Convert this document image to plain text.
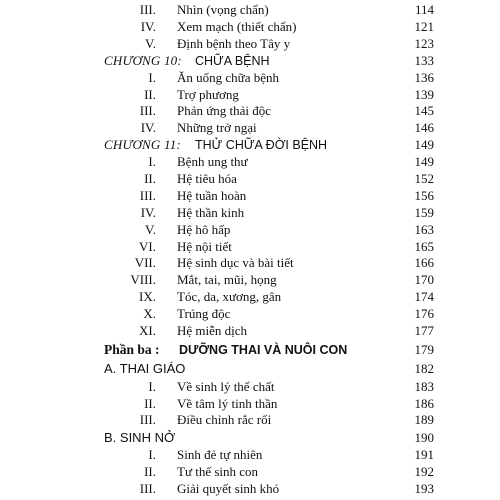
III. Nhìn (vọng chẩn)	114
IV. Xem mạch (thiết chẩn)	121
V. Định bệnh theo Tây y	123
CHƯƠNG 10: CHỮA BỆNH	133
I. Ăn uống chữa bệnh	136
II. Trợ phương	139
III. Phản ứng thải độc	145
IV. Những trở ngại	146
CHƯƠNG 11: THỬ CHỮA ĐỜI BỆNH	149
I. Bệnh ung thư	149
II. Hệ tiêu hóa	152
III. Hệ tuần hoàn	156
IV. Hệ thần kinh	159
V. Hệ hô hấp	163
VI. Hệ nội tiết	165
VII. Hệ sinh dục và bài tiết	166
VIII. Mắt, tai, mũi, họng	170
IX. Tóc, da, xương, gân	174
X. Trúng độc	176
XI. Hệ miễn dịch	177
Phần ba : DƯỠNG THAI VÀ NUÔI CON	179
A. THAI GIÁO	182
I. Về sinh lý thể chất	183
II. Về tâm lý tinh thần	186
III. Điều chỉnh rắc rối	189
B. SINH NỞ	190
I. Sinh đẻ tự nhiên	191
II. Tư thế sinh con	192
III. Giải quyết sinh khó	193
